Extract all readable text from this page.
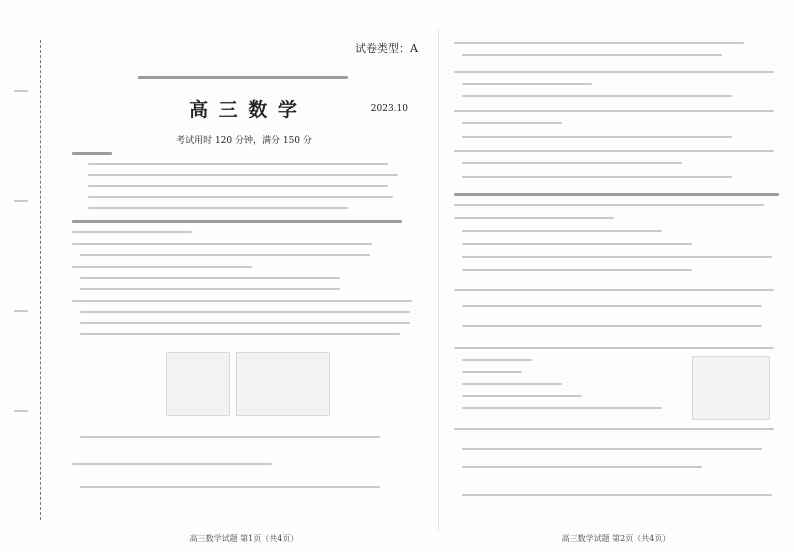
试卷类型：A
高 三 数 学	2023.10
考试用时 120 分钟，满分 150 分
高三数学试题 第1页（共4页）	高三数学试题 第2页（共4页）
